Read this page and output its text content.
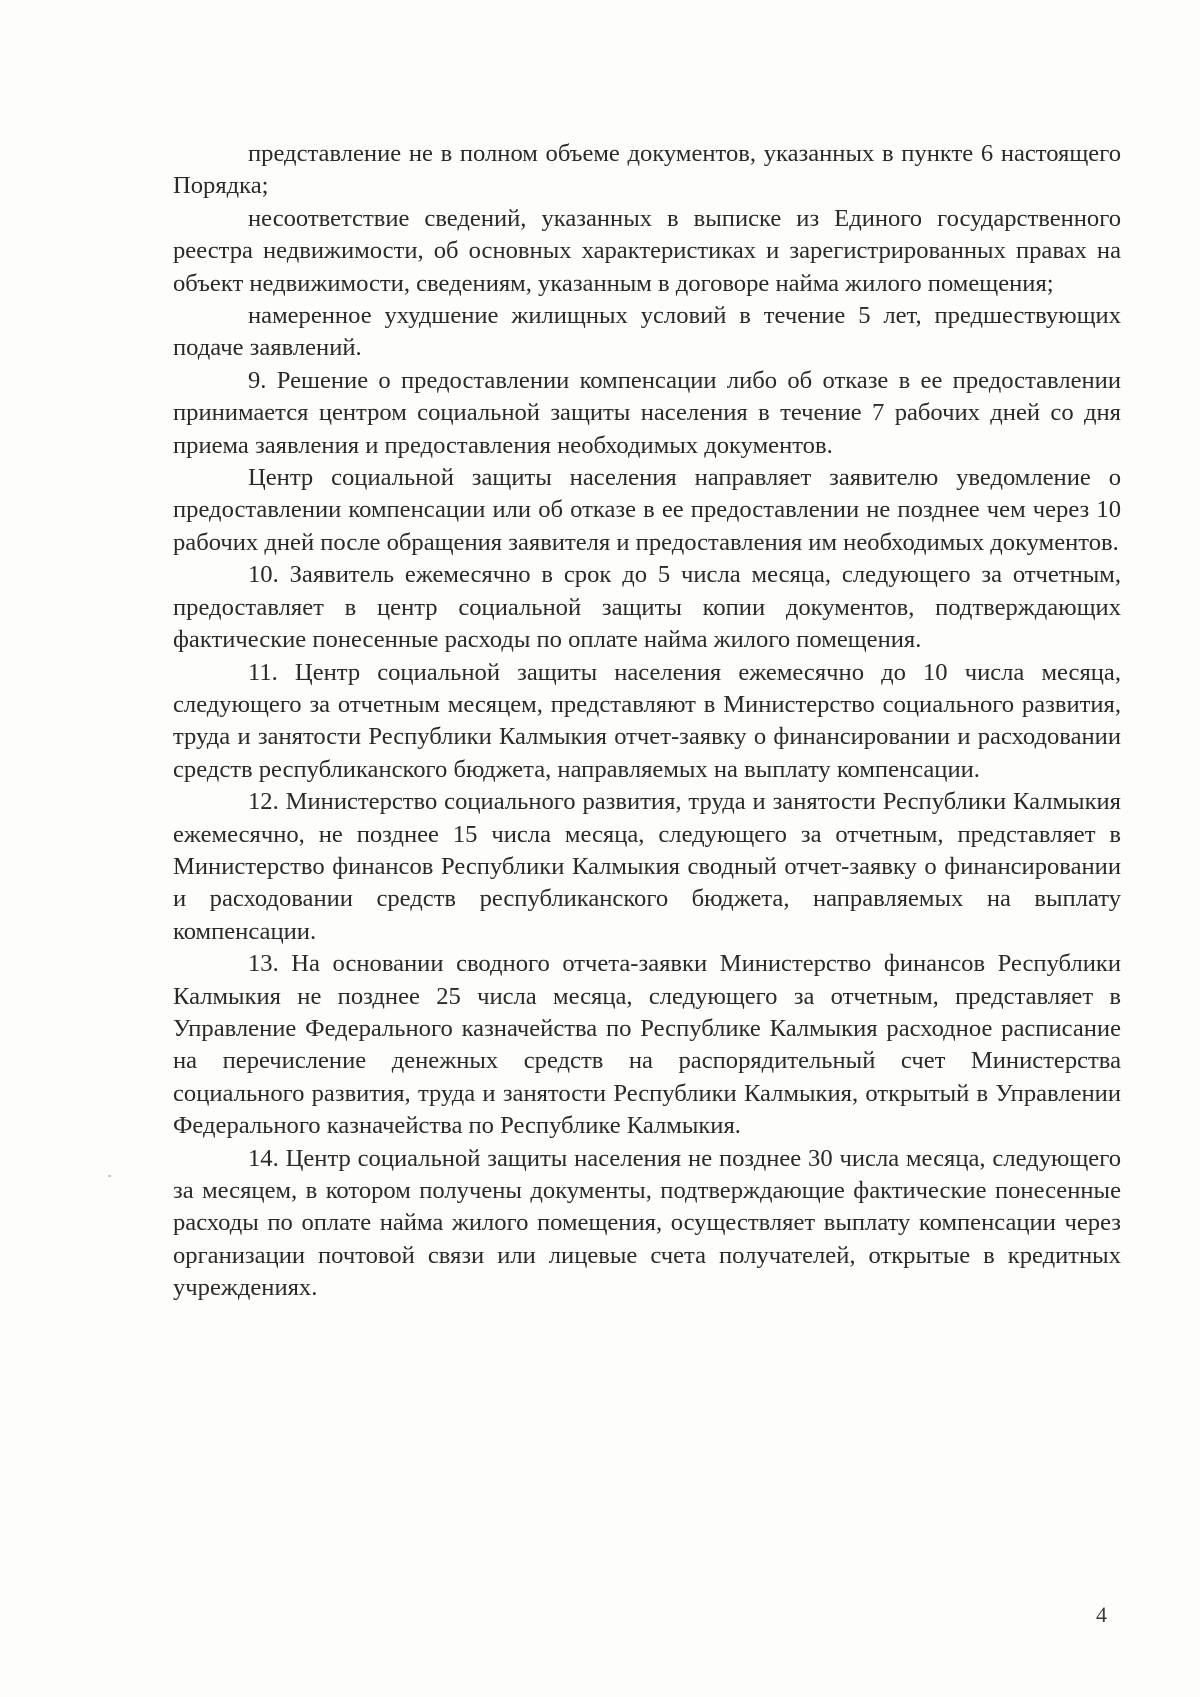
представление не в полном объеме документов, указанных в пункте 6 настоящего Порядка;

несоответствие сведений, указанных в выписке из Единого государственного реестра недвижимости, об основных характеристиках и зарегистрированных правах на объект недвижимости, сведениям, указанным в договоре найма жилого помещения;

намеренное ухудшение жилищных условий в течение 5 лет, предшествующих подаче заявлений.

9. Решение о предоставлении компенсации либо об отказе в ее предоставлении принимается центром социальной защиты населения в течение 7 рабочих дней со дня приема заявления и предоставления необходимых документов.

Центр социальной защиты населения направляет заявителю уведомление о предоставлении компенсации или об отказе в ее предоставлении не позднее чем через 10 рабочих дней после обращения заявителя и предоставления им необходимых документов.

10. Заявитель ежемесячно в срок до 5 числа месяца, следующего за отчетным, предоставляет в центр социальной защиты копии документов, подтверждающих фактические понесенные расходы по оплате найма жилого помещения.

11. Центр социальной защиты населения ежемесячно до 10 числа месяца, следующего за отчетным месяцем, представляют в Министерство социального развития, труда и занятости Республики Калмыкия отчет-заявку о финансировании и расходовании средств республиканского бюджета, направляемых на выплату компенсации.

12. Министерство социального развития, труда и занятости Республики Калмыкия ежемесячно, не позднее 15 числа месяца, следующего за отчетным, представляет в Министерство финансов Республики Калмыкия сводный отчет-заявку о финансировании и расходовании средств республиканского бюджета, направляемых на выплату компенсации.

13. На основании сводного отчета-заявки Министерство финансов Республики Калмыкия не позднее 25 числа месяца, следующего за отчетным, представляет в Управление Федерального казначейства по Республике Калмыкия расходное расписание на перечисление денежных средств на распорядительный счет Министерства социального развития, труда и занятости Республики Калмыкия, открытый в Управлении Федерального казначейства по Республике Калмыкия.

14. Центр социальной защиты населения не позднее 30 числа месяца, следующего за месяцем, в котором получены документы, подтверждающие фактические понесенные расходы по оплате найма жилого помещения, осуществляет выплату компенсации через организации почтовой связи или лицевые счета получателей, открытые в кредитных учреждениях.

4
